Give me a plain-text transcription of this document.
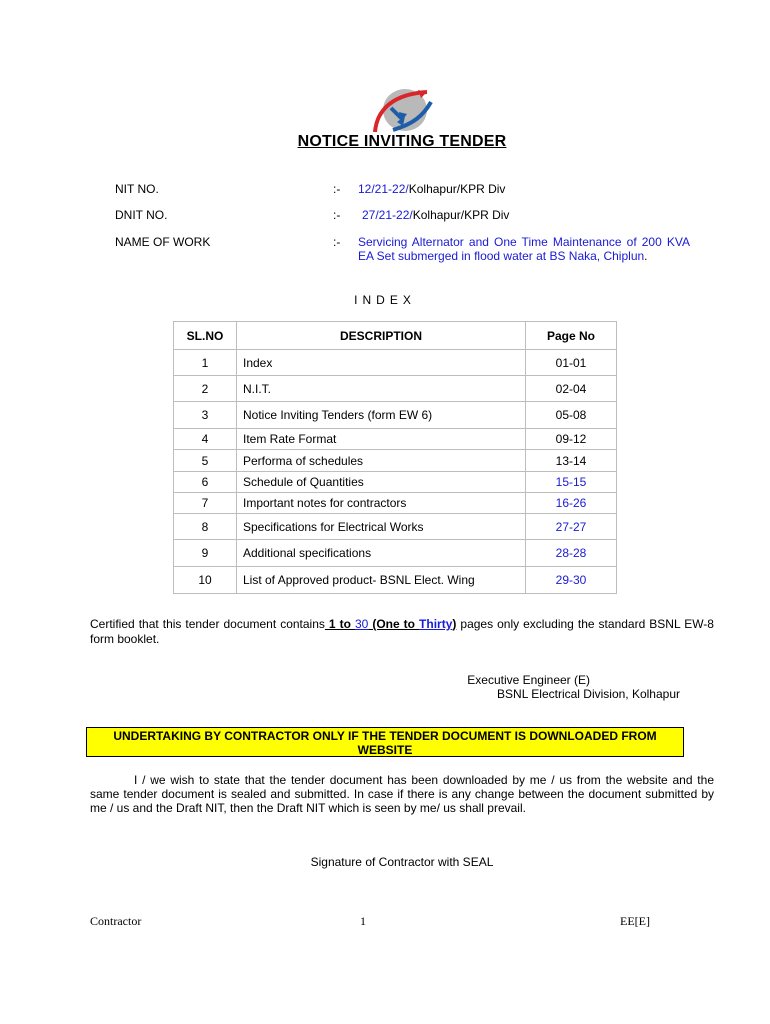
NOTICE INVITING TENDER
NIT NO.	:- 12/21-22/Kolhapur/KPR Div
DNIT NO.	:- 27/21-22/Kolhapur/KPR Div
NAME OF WORK	:- Servicing Alternator and One Time Maintenance of 200 KVA EA Set submerged in flood water at BS Naka, Chiplun.
INDEX
SL.NO	DESCRIPTION	Page No
1	Index	01-01
2	N.I.T.	02-04
3	Notice Inviting Tenders (form EW 6)	05-08
4	Item Rate Format	09-12
5	Performa of schedules	13-14
6	Schedule of Quantities	15-15
7	Important notes for contractors	16-26
8	Specifications for Electrical Works	27-27
9	Additional specifications	28-28
10	List of Approved product- BSNL Elect. Wing	29-30
Certified that this tender document contains 1 to 30 (One to Thirty) pages only excluding the standard BSNL EW-8 form booklet.
Executive Engineer (E)
BSNL Electrical Division, Kolhapur
UNDERTAKING BY CONTRACTOR ONLY IF THE TENDER DOCUMENT IS DOWNLOADED FROM
WEBSITE
I / we wish to state that the tender document has been downloaded by me / us from the website and the same tender document is sealed and submitted. In case if there is any change between the document submitted by me / us and the Draft NIT, then the Draft NIT which is seen by me/ us shall prevail.
Signature of Contractor with SEAL
Contractor	1	EE[E]
